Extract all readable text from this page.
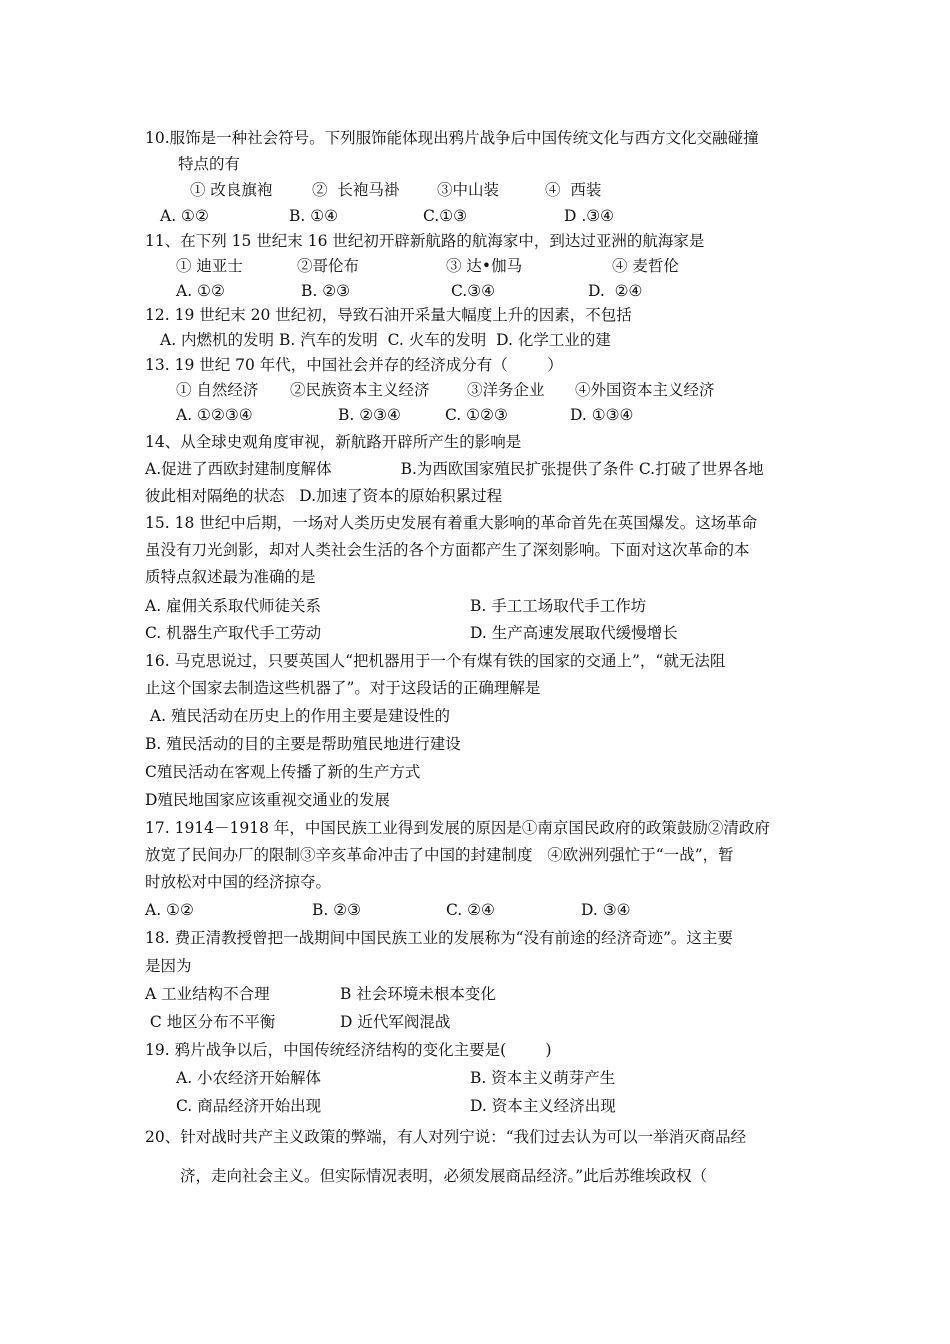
10.服饰是一种社会符号。下列服饰能体现出鸦片战争后中国传统文化与西方文化交融碰撞
特点的有
① 改良旗袍	②  长袍马褂 ③中山装	④  西装
A. ①②	B. ①④	C.①③	D .③④
11、在下列 15 世纪末 16 世纪初开辟新航路的航海家中，到达过亚洲的航海家是
① 迪亚士	②哥伦布	③ 达•伽马	④ 麦哲伦
A. ①②	B. ②③	C.③④	D.  ②④
12. 19 世纪末 20 世纪初，导致石油开采量大幅度上升的因素，不包括
A. 内燃机的发明 B. 汽车的发明  C. 火车的发明  D. 化学工业的建
13. 19 世纪 70 年代，中国社会并存的经济成分有（        ）
① 自然经济 ②民族资本主义经济 ③洋务企业 ④外国资本主义经济
A. ①②③④	B. ②③④	C. ①②③	D. ①③④
14、从全球史观角度审视，新航路开辟所产生的影响是
A.促进了西欧封建制度解体              B.为西欧国家殖民扩张提供了条件 C.打破了世界各地
彼此相对隔绝的状态   D.加速了资本的原始积累过程
15. 18 世纪中后期，一场对人类历史发展有着重大影响的革命首先在英国爆发。这场革命
虽没有刀光剑影，却对人类社会生活的各个方面都产生了深刻影响。下面对这次革命的本
质特点叙述最为准确的是
A. 雇佣关系取代师徒关系	B. 手工工场取代手工作坊
C. 机器生产取代手工劳动	D. 生产高速发展取代缓慢增长
16. 马克思说过，只要英国人“把机器用于一个有煤有铁的国家的交通上”，“就无法阻
止这个国家去制造这些机器了”。对于这段话的正确理解是
A. 殖民活动在历史上的作用主要是建设性的
B. 殖民活动的目的主要是帮助殖民地进行建设
C殖民活动在客观上传播了新的生产方式
D殖民地国家应该重视交通业的发展
17. 1914－1918 年，中国民族工业得到发展的原因是①南京国民政府的政策鼓励②清政府
放宽了民间办厂的限制③辛亥革命冲击了中国的封建制度   ④欧洲列强忙于“一战”，暂
时放松对中国的经济掠夺。
A. ①②	B. ②③	C. ②④	D. ③④
18. 费正清教授曾把一战期间中国民族工业的发展称为“没有前途的经济奇迹”。这主要
是因为
A 工业结构不合理	B 社会环境未根本变化
C 地区分布不平衡	D 近代军阀混战
19. 鸦片战争以后，中国传统经济结构的变化主要是(        )
A. 小农经济开始解体	B. 资本主义萌芽产生
C. 商品经济开始出现	D. 资本主义经济出现
20、针对战时共产主义政策的弊端，有人对列宁说：“我们过去认为可以一举消灭商品经
济，走向社会主义。但实际情况表明，必须发展商品经济。”此后苏维埃政权（
